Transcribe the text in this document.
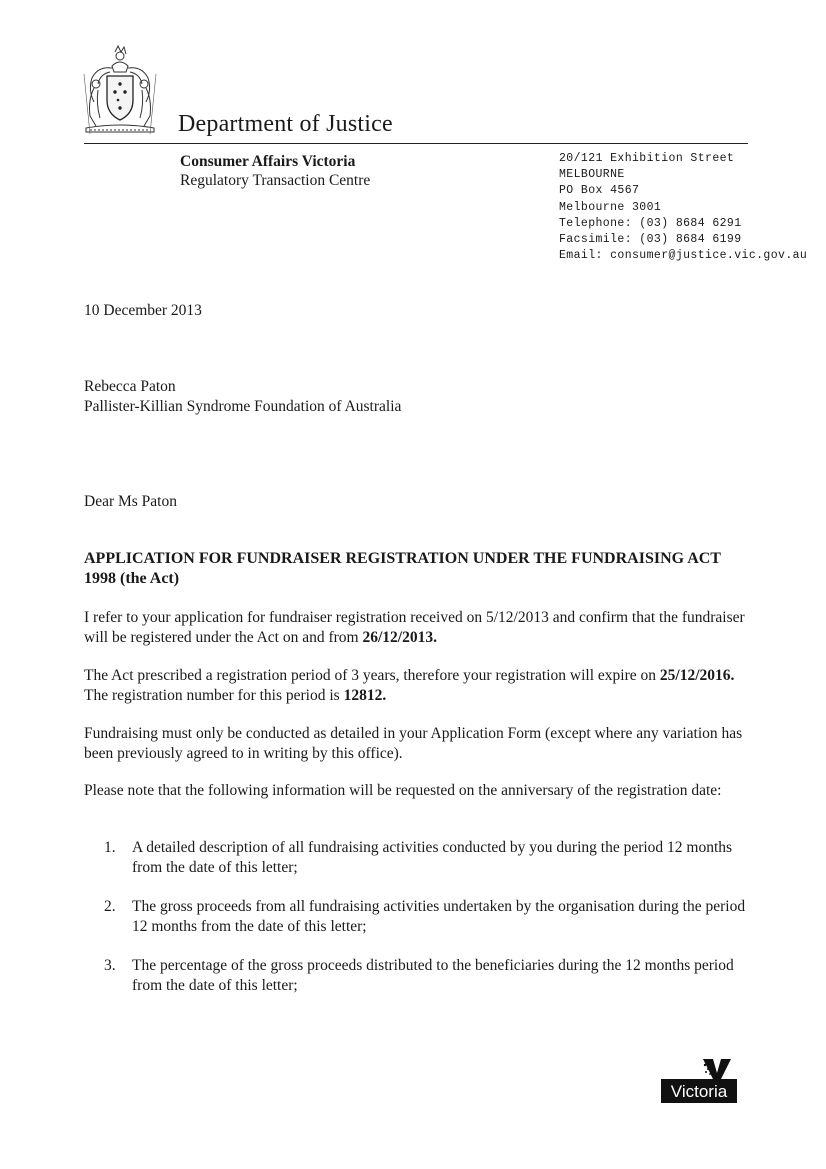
Department of Justice
Consumer Affairs Victoria
Regulatory Transaction Centre
20/121 Exhibition Street
MELBOURNE
PO Box 4567
Melbourne 3001
Telephone: (03) 8684 6291
Facsimile: (03) 8684 6199
Email: consumer@justice.vic.gov.au
10 December 2013
Rebecca Paton
Pallister-Killian Syndrome Foundation of Australia
Dear Ms Paton
APPLICATION FOR FUNDRAISER REGISTRATION UNDER THE FUNDRAISING ACT 1998 (the Act)
I refer to your application for fundraiser registration received on 5/12/2013 and confirm that the fundraiser will be registered under the Act on and from 26/12/2013.
The Act prescribed a registration period of 3 years, therefore your registration will expire on 25/12/2016. The registration number for this period is 12812.
Fundraising must only be conducted as detailed in your Application Form (except where any variation has been previously agreed to in writing by this office).
Please note that the following information will be requested on the anniversary of the registration date:
1.	A detailed description of all fundraising activities conducted by you during the period 12 months from the date of this letter;
2.	The gross proceeds from all fundraising activities undertaken by the organisation during the period 12 months from the date of this letter;
3.	The percentage of the gross proceeds distributed to the beneficiaries during the 12 months period from the date of this letter;
Victoria
